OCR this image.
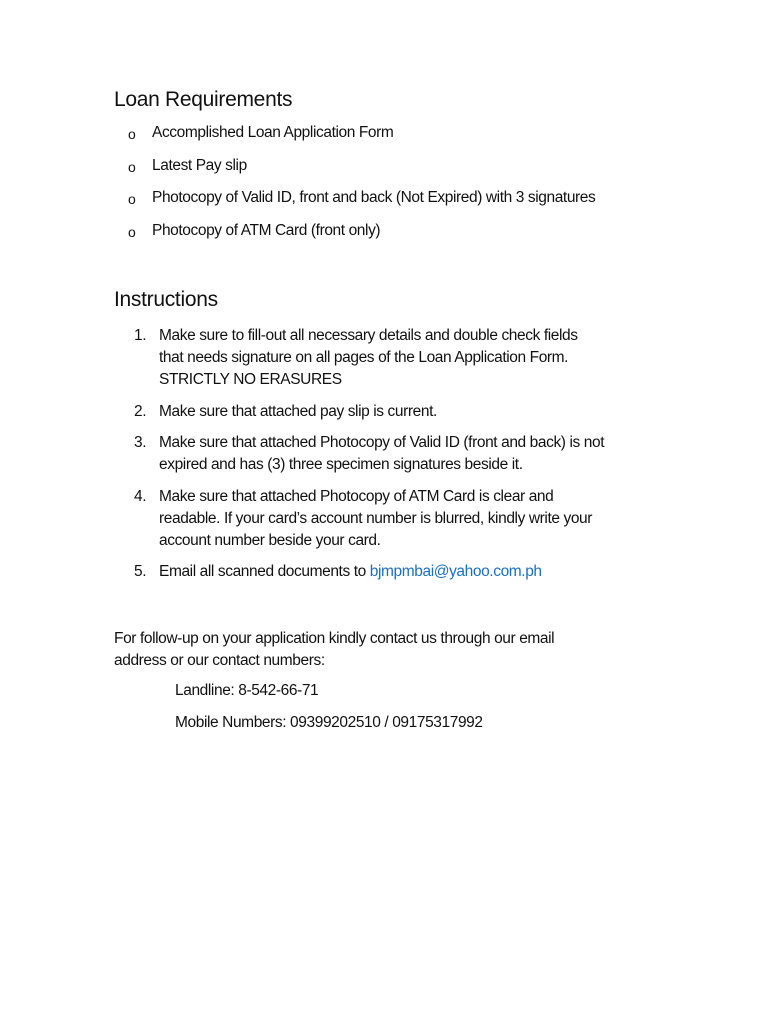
Loan Requirements
o	Accomplished Loan Application Form
o	Latest Pay slip
o	Photocopy of Valid ID, front and back (Not Expired) with 3 signatures
o	Photocopy of ATM Card (front only)
Instructions
1. Make sure to fill-out all necessary details and double check fields
that needs signature on all pages of the Loan Application Form.
STRICTLY NO ERASURES
2. Make sure that attached pay slip is current.
3. Make sure that attached Photocopy of Valid ID (front and back) is not
expired and has (3) three specimen signatures beside it.
4. Make sure that attached Photocopy of ATM Card is clear and
readable. If your card’s account number is blurred, kindly write your
account number beside your card.
5. Email all scanned documents to bjmpmbai@yahoo.com.ph

For follow-up on your application kindly contact us through our email
address or our contact numbers:

Landline: 8-542-66-71

Mobile Numbers: 09399202510 / 09175317992
